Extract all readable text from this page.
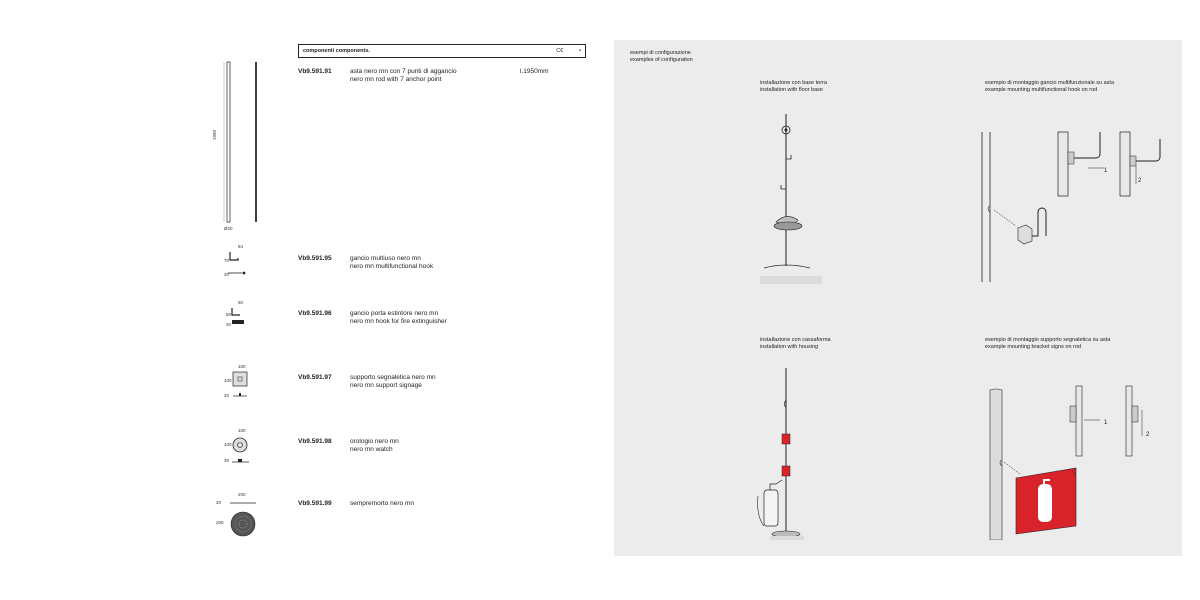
componenti components.	C€	•
Vb9.591.91	asta nero mn con 7 punti di aggancio
nero mn rod with 7 anchor point
l.1950mm
Vb9.591.95	gancio multiuso nero mn
nero mn multifunctional hook
Vb9.591.96	gancio porta estintore nero mn
nero mn hook for fire extinguisher
Vb9.591.97	supporto segnaletica nero mn
nero mn support signage
Vb9.591.98	orologio nero mn
nero mn watch
Vb9.591.99	sempremorto nero mn
1950
Ø20
84
70
20
60
50
20
100
100
20
100
100
30
200
20
200
esempi di configurazione
examples of configuration
installazione con base terra
installation with floor base
esempio di montaggio gancio multifunzionale su asta
example mounting multifunctional hook on rod
installazione con cassaforma
installation with housing
esempio di montaggio supporto segnaletica su asta
example mounting bracket signs on rod
1
2
1
2
